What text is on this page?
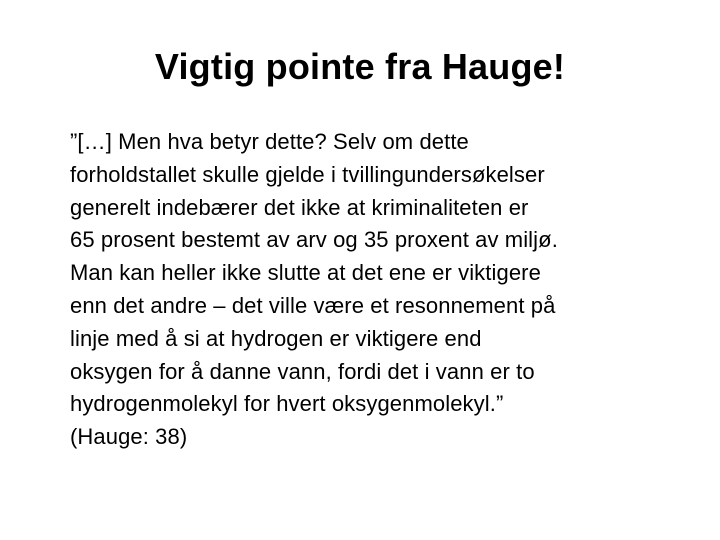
Vigtig pointe fra Hauge!
”[…] Men hva betyr dette? Selv om dette
forholdstallet skulle gjelde i tvillingundersøkelser
generelt indebærer det ikke at kriminaliteten er
65 prosent bestemt av arv og 35 proxent av miljø.
Man kan heller ikke slutte at det ene er viktigere
enn det andre – det ville være et resonnement på
linje med å si at hydrogen er viktigere end
oksygen for å danne vann, fordi det i vann er to
hydrogenmolekyl for hvert oksygenmolekyl.”
(Hauge: 38)
